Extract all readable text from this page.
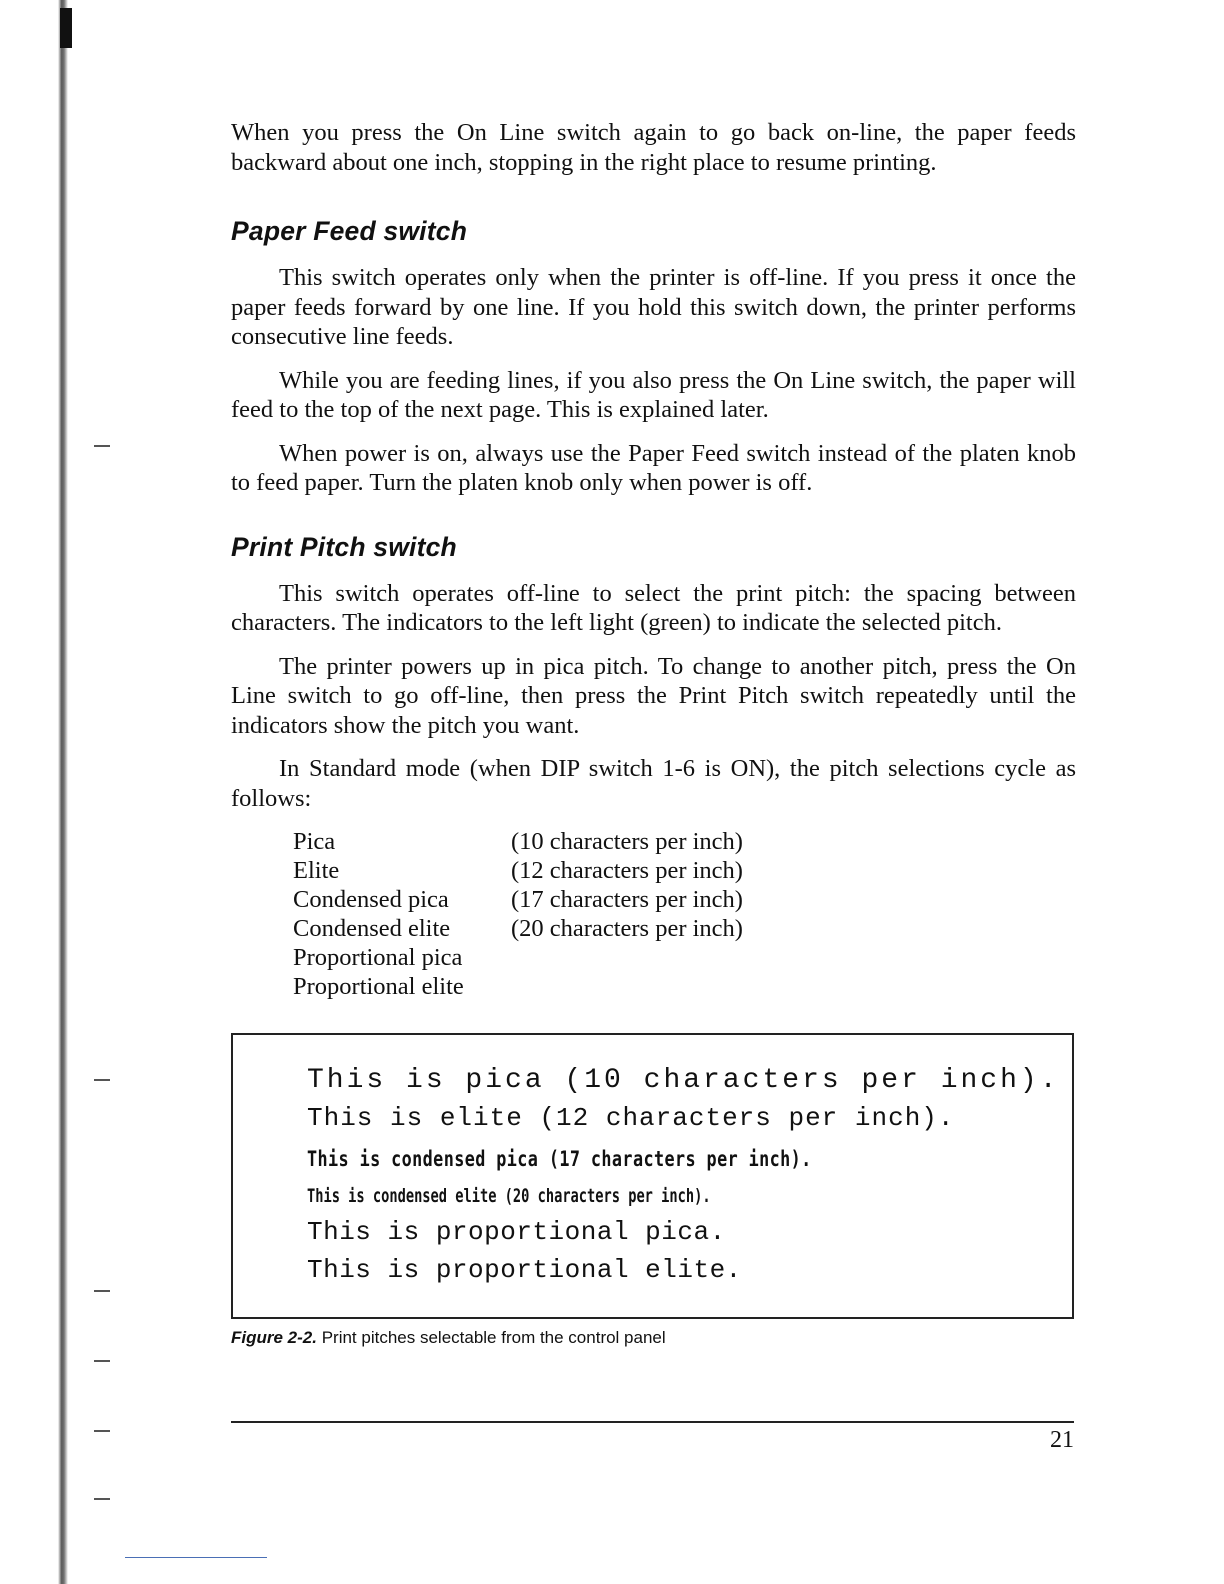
When you press the On Line switch again to go back on-line, the paper feeds backward about one inch, stopping in the right place to resume printing.

Paper Feed switch

This switch operates only when the printer is off-line. If you press it once the paper feeds forward by one line. If you hold this switch down, the printer performs consecutive line feeds.

While you are feeding lines, if you also press the On Line switch, the paper will feed to the top of the next page. This is explained later.

When power is on, always use the Paper Feed switch instead of the platen knob to feed paper. Turn the platen knob only when power is off.

Print Pitch switch

This switch operates off-line to select the print pitch: the spacing between characters. The indicators to the left light (green) to indicate the selected pitch.

The printer powers up in pica pitch. To change to another pitch, press the On Line switch to go off-line, then press the Print Pitch switch repeatedly until the indicators show the pitch you want.

In Standard mode (when DIP switch 1-6 is ON), the pitch selections cycle as follows:

Pica	(10 characters per inch)
Elite	(12 characters per inch)
Condensed pica	(17 characters per inch)
Condensed elite	(20 characters per inch)
Proportional pica	
Proportional elite	
This is pica (10 characters per inch).
This is elite (12 characters per inch).
This is condensed pica (17 characters per inch).
This is condensed elite (20 characters per inch).
This is proportional pica.
This is proportional elite.
Figure 2-2. Print pitches selectable from the control panel
21
